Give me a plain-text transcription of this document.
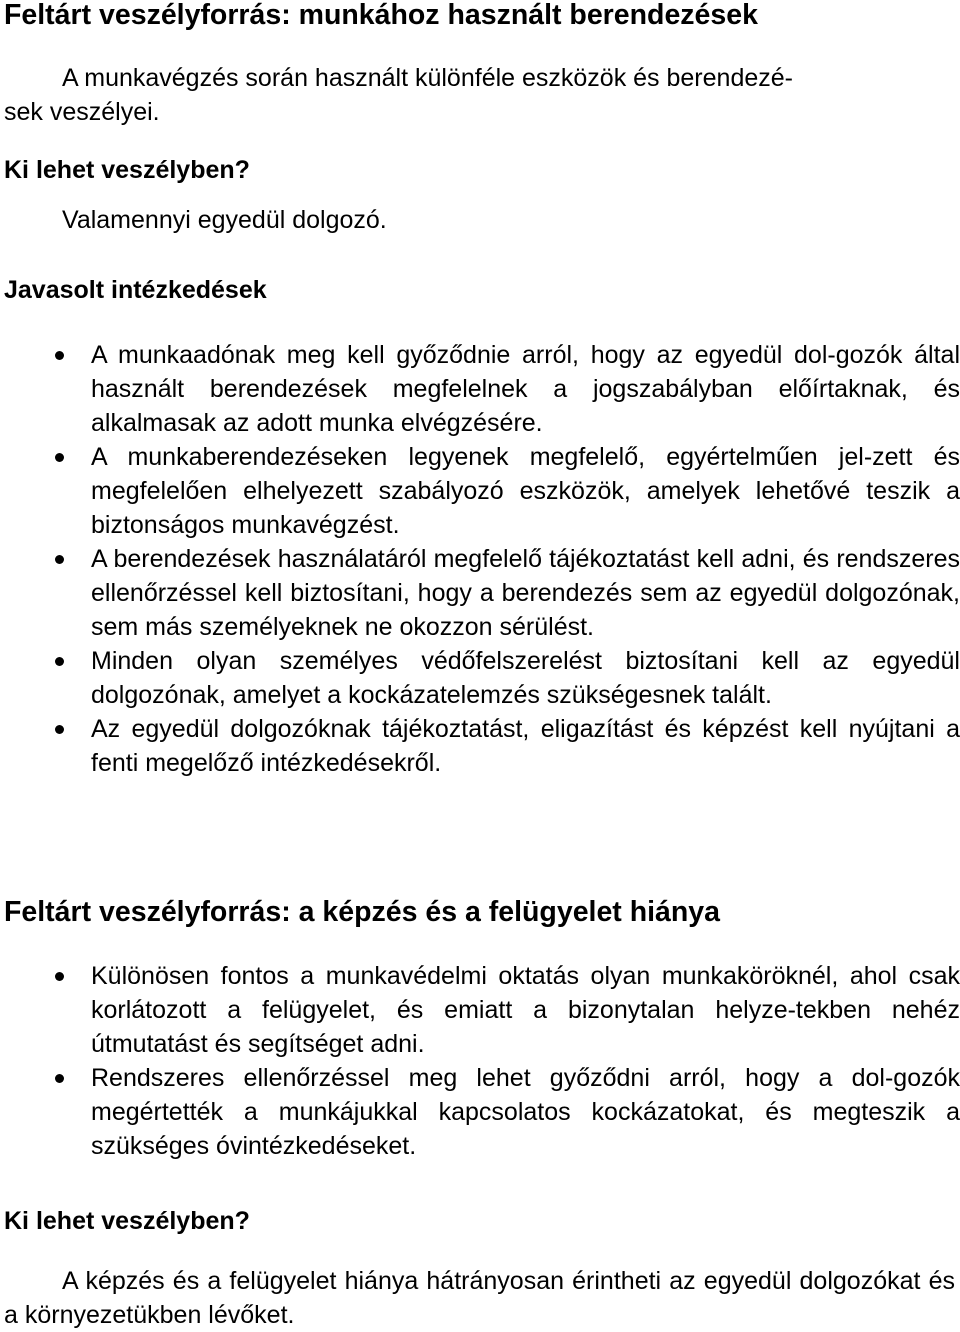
Feltárt veszélyforrás: munkához használt berendezések

A munkavégzés során használt különféle eszközök és berendezé-
sek veszélyei.

Ki lehet veszélyben?

Valamennyi egyedül dolgozó.

Javasolt intézkedések
A munkaadónak meg kell győződnie arról, hogy az egyedül dol-gozók által használt berendezések megfelelnek a jogszabályban előírtaknak, és alkalmasak az adott munka elvégzésére.
A munkaberendezéseken legyenek megfelelő, egyértelműen jel-zett és megfelelően elhelyezett szabályozó eszközök, amelyek lehetővé teszik a biztonságos munkavégzést.
A berendezések használatáról megfelelő tájékoztatást kell adni, és rendszeres ellenőrzéssel kell biztosítani, hogy a berendezés sem az egyedül dolgozónak, sem más személyeknek ne okozzon sérülést.
Minden olyan személyes védőfelszerelést biztosítani kell az egyedül dolgozónak, amelyet a kockázatelemzés szükségesnek talált.
Az egyedül dolgozóknak tájékoztatást, eligazítást és képzést kell nyújtani a fenti megelőző intézkedésekről.
Feltárt veszélyforrás: a képzés és a felügyelet hiánya
Különösen fontos a munkavédelmi oktatás olyan munkaköröknél, ahol csak korlátozott a felügyelet, és emiatt a bizonytalan helyze-tekben nehéz útmutatást és segítséget adni.
Rendszeres ellenőrzéssel meg lehet győződni arról, hogy a dol-gozók megértették a munkájukkal kapcsolatos kockázatokat, és megteszik a szükséges óvintézkedéseket.
Ki lehet veszélyben?

A képzés és a felügyelet hiánya hátrányosan érintheti az egyedül dolgozókat és a környezetükben lévőket.
